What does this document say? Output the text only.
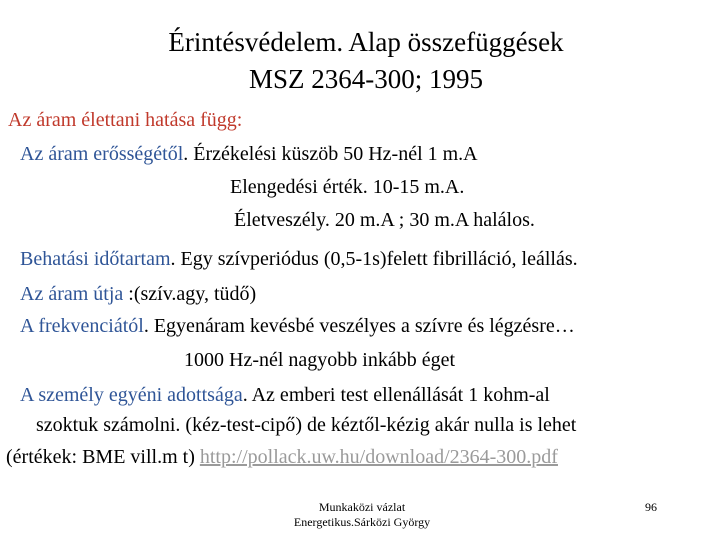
Érintésvédelem. Alap összefüggések
MSZ 2364-300; 1995
Az áram élettani hatása függ:
Az áram erősségétől. Érzékelési küszöb 50 Hz-nél 1 m.A
Elengedési érték. 10-15 m.A.
Életveszély. 20 m.A ; 30 m.A halálos.
Behatási időtartam. Egy szívperiódus (0,5-1s)felett fibrilláció, leállás.
Az áram útja :(szív.agy, tüdő)
A frekvenciától. Egyenáram kevésbé veszélyes a szívre és légzésre…
1000 Hz-nél nagyobb inkább éget
A személy egyéni adottsága. Az emberi test ellenállását 1 kohm-al
szoktuk számolni. (kéz-test-cipő) de kéztől-kézig akár nulla is lehet
(értékek: BME vill.m t) http://pollack.uw.hu/download/2364-300.pdf
Munkaközi vázlat
Energetikus.Sárközi György
96
